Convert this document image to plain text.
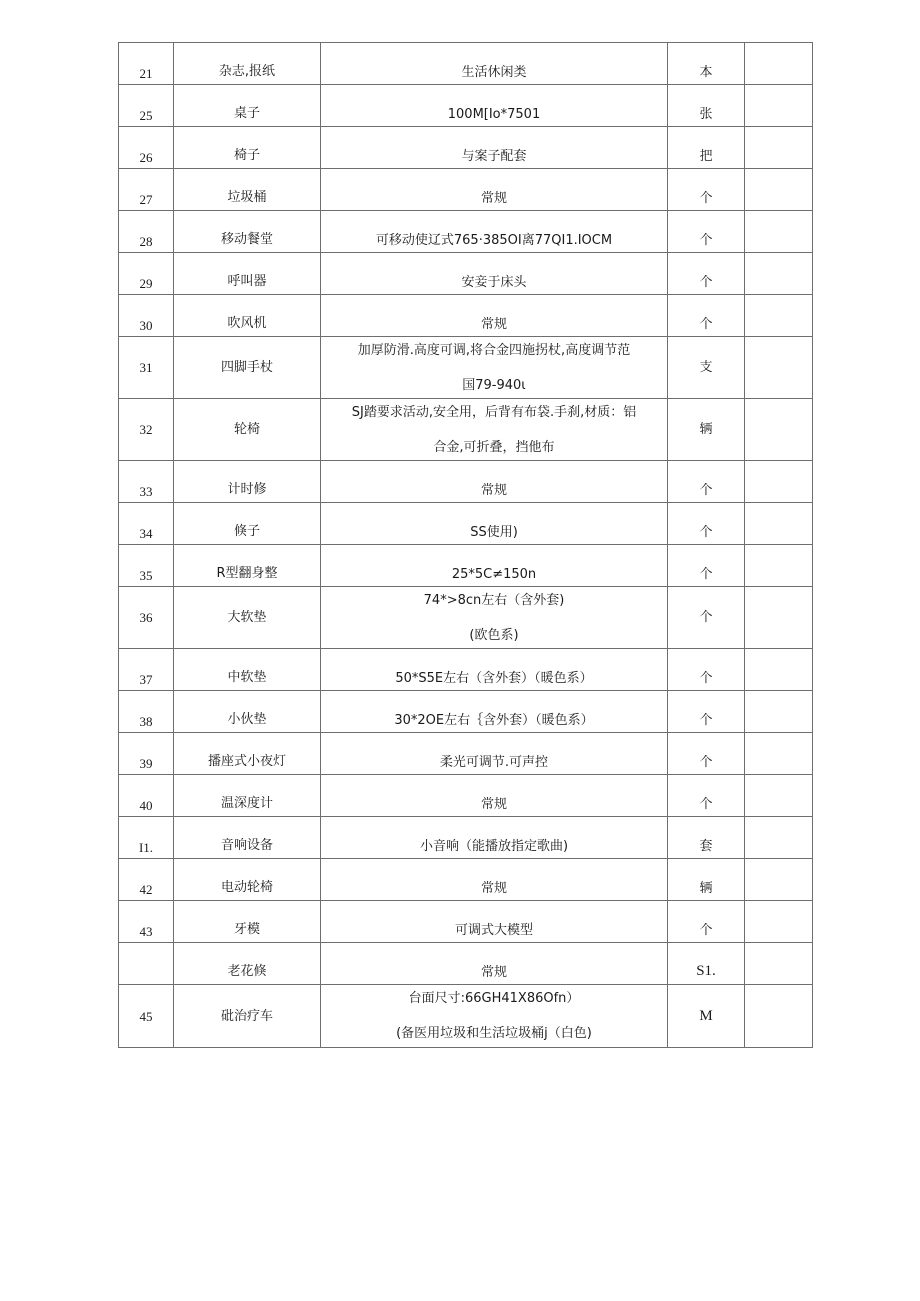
21	杂志,报纸	生活休闲类	本	
25	桌子	100M[Io*7501	张	
26	椅子	与案子配套	把	
27	垃圾桶	常规	个	
28	移动餐堂	可移动使辽式765·385OI离77QI1.IOCM	个	
29	呼叫器	安妾于床头	个	
30	吹风机	常规	个	
31	四脚手杖	加厚防滑.高度可调,将合金四施拐杖,高度调节范
国79-940ι	支	
32	轮椅	SJ踏要求活动,安全用，后背有布袋.手刹,材质：铝
合金,可折叠，挡他布	辆	
33	计时修	常规	个	
34	倏子	SS使用)	个	
35	R型翻身整	25*5C≠150n	个	
36	大软垫	74*>8cn左右（含外套)
(欧色系)	个	
37	中软垫	50*S5E左右（含外套）（暖色系）	个	
38	小伙垫	30*2OE左右｛含外套）（暖色系）	个	
39	播座式小夜灯	柔光可调节.可声控	个	
40	温深度计	常规	个	
I1.	音响设备	小音响（能播放指定歌曲)	套	
42	电动轮椅	常规	辆	
43	牙模	可调式大模型	个	
	老花倏	常规	S1.	
45	砒治疗车	台面尺寸:66GH41X86Ofn）
(备医用垃圾和生活垃圾桶j（白色)	M	
